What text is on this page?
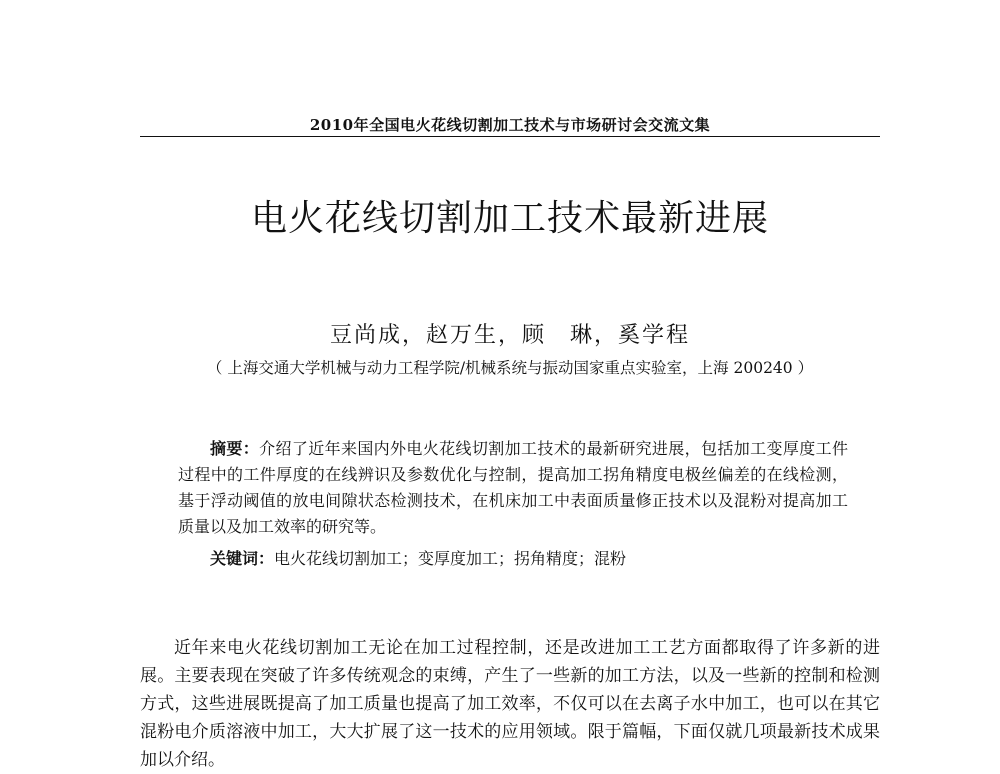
2010年全国电火花线切割加工技术与市场研讨会交流文集
电火花线切割加工技术最新进展
豆尚成，赵万生，顾　琳，奚学程
（ 上海交通大学机械与动力工程学院/机械系统与振动国家重点实验室，上海 200240 ）
摘要：介绍了近年来国内外电火花线切割加工技术的最新研究进展，包括加工变厚度工件过程中的工件厚度的在线辨识及参数优化与控制，提高加工拐角精度电极丝偏差的在线检测，基于浮动阈值的放电间隙状态检测技术，在机床加工中表面质量修正技术以及混粉对提高加工质量以及加工效率的研究等。
关键词：电火花线切割加工；变厚度加工；拐角精度；混粉
近年来电火花线切割加工无论在加工过程控制，还是改进加工工艺方面都取得了许多新的进展。主要表现在突破了许多传统观念的束缚，产生了一些新的加工方法，以及一些新的控制和检测方式，这些进展既提高了加工质量也提高了加工效率，不仅可以在去离子水中加工，也可以在其它混粉电介质溶液中加工，大大扩展了这一技术的应用领域。限于篇幅，下面仅就几项最新技术成果加以介绍。
